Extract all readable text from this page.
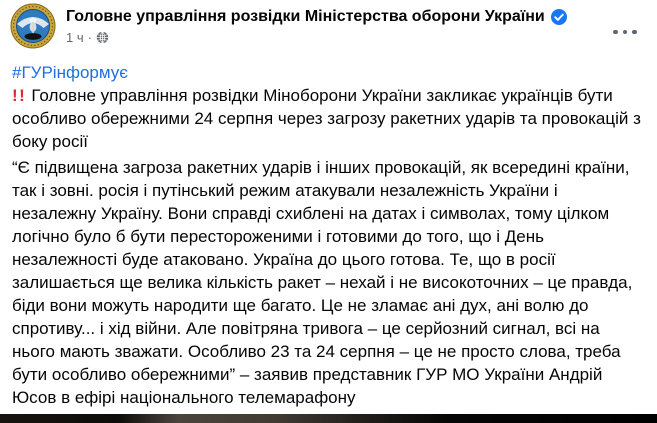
Головне управління розвідки Міністерства оборони України
1 ч ·
#ГУРінформує

!! Головне управління розвідки Міноборони України закликає українців бути особливо обережними 24 серпня через загрозу ракетних ударів та провокацій з боку росії

“Є підвищена загроза ракетних ударів і інших провокацій, як всередині країни, так і зовні. росія і путінський режим атакували незалежність України і незалежну Україну. Вони справді схиблені на датах і символах, тому цілком логічно було б бути перестороженими і готовими до того, що і День незалежності буде атаковано. Україна до цього готова. Те, що в росії залишається ще велика кількість ракет – нехай і не високоточних – це правда, біди вони можуть народити ще багато. Це не зламає ані дух, ані волю до спротиву... і хід війни. Але повітряна тривога – це серйозний сигнал, всі на нього мають зважати. Особливо 23 та 24 серпня – це не просто слова, треба бути особливо обережними” – заявив представник ГУР МО України Андрій Юсов в ефірі національного телемарафону
